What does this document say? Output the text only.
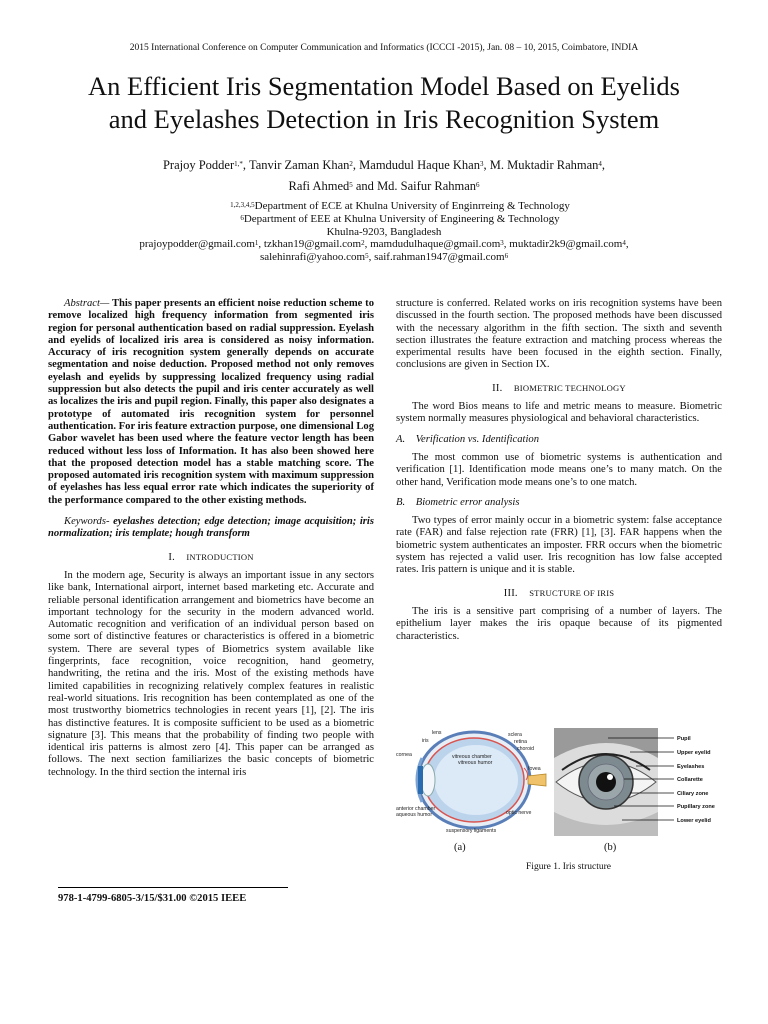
2015 International Conference on Computer Communication and Informatics (ICCCI -2015), Jan. 08 – 10, 2015, Coimbatore, INDIA
An Efficient Iris Segmentation Model Based on Eyelids
and Eyelashes Detection in Iris Recognition System
Prajoy Podder$^{1,*}$, Tanvir Zaman Khan$^2$, Mamdudul Haque Khan$^3$, M. Muktadir Rahman$^4$,
Rafi Ahmed$^5$ and Md. Saifur Rahman$^6$
$^{1,2,3,4,5}$Department of ECE at Khulna University of Enginrreing & Technology
$^6$Department of EEE at Khulna University of Engineering & Technology
Khulna-9203, Bangladesh
prajoypodder@gmail.com$^1$, tzkhan19@gmail.com$^2$, mamdudulhaque@gmail.com$^3$, muktadir2k9@gmail.com$^4$,
salehinrafi@yahoo.com$^5$, saif.rahman1947@gmail.com$^6$

Abstract— This paper presents an efficient noise reduction scheme to remove localized high frequency information from segmented iris region for personal authentication based on radial suppression. Eyelash and eyelids of localized iris area is considered as noisy information. Accuracy of iris recognition system generally depends on accurate segmentation and noise deduction. Proposed method not only removes eyelash and eyelids by suppressing localized frequency using radial suppression but also detects the pupil and iris center accurately as well as localizes the iris and pupil region. Finally, this paper also designates a prototype of automated iris recognition system for personnel authentication. For iris feature extraction purpose, one dimensional Log Gabor wavelet has been used where the feature vector length has been reduced without less loss of Information. It has also been showed here that the proposed detection model has a stable matching score. The proposed automated iris recognition system with maximum suppression of eyelashes has less equal error rate which indicates the superiority of the performance compared to the other existing methods.

Keywords- eyelashes detection; edge detection; image acquisition; iris normalization; iris template; hough transform

I. INTRODUCTION

In the modern age, Security is always an important issue in any sectors like bank, International airport, internet based marketing etc. Accurate and reliable personal identification arrangement and biometrics have become an important technology for the security in the modern advanced world. Automatic recognition and verification of an individual person based on some sort of distinctive features or characteristics is offered in a biometric system. There are several types of Biometrics system available like fingerprints, face recognition, voice recognition, hand geometry, handwriting, the retina and the iris. Most of the existing methods have limited capabilities in recognizing relatively complex features in realistic real-world situations. Iris recognition has been contemplated as one of the most trustworthy biometrics technologies in recent years [1], [2]. The iris has distinctive features. It is composite sufficient to be used as a biometric signature [3]. This means that the probability of finding two people with identical iris patterns is almost zero [4]. This paper can be arranged as follows. The next section familiarizes the basic concepts of biometric technology. In the third section the internal iris

structure is conferred. Related works on iris recognition systems have been discussed in the fourth section. The proposed methods have been discussed with the necessary algorithm in the fifth section. The sixth and seventh section illustrates the feature extraction and matching process whereas the experimental results have been focused in the eighth section. Finally, conclusions are given in Section IX.

II. BIOMETRIC TECHNOLOGY

The word Bios means to life and metric means to measure. Biometric system normally measures physiological and behavioral characteristics.

A. Verification vs. Identification

The most common use of biometric systems is authentication and verification [1]. Identification mode means one’s to many match. On the other hand, Verification mode means one’s to one match.

B. Biometric error analysis

Two types of error mainly occur in a biometric system: false acceptance rate (FAR) and false rejection rate (FRR) [1], [3]. FAR happens when the biometric system authenticates an imposter. FRR occurs when the biometric system has rejected a valid user. Iris recognition has low false accepted rates. Iris pattern is unique and it is stable.

III. STRUCTURE OF IRIS

The iris is a sensitive part comprising of a number of layers. The epithelium layer makes the iris opaque because of its pigmented characteristics.

lens
iris
cornea
sclera
retina
choroid
vitreous chamber
vitreous humor
fovea
anterior chamber
aqueous humor	optic nerve
suspensory ligaments
Pupil
Upper eyelid
Eyelashes
Collarette
Ciliary zone
Pupillary zone
Lower eyelid
(a)	(b)
Figure 1. Iris structure
978-1-4799-6805-3/15/$31.00 ©2015 IEEE
